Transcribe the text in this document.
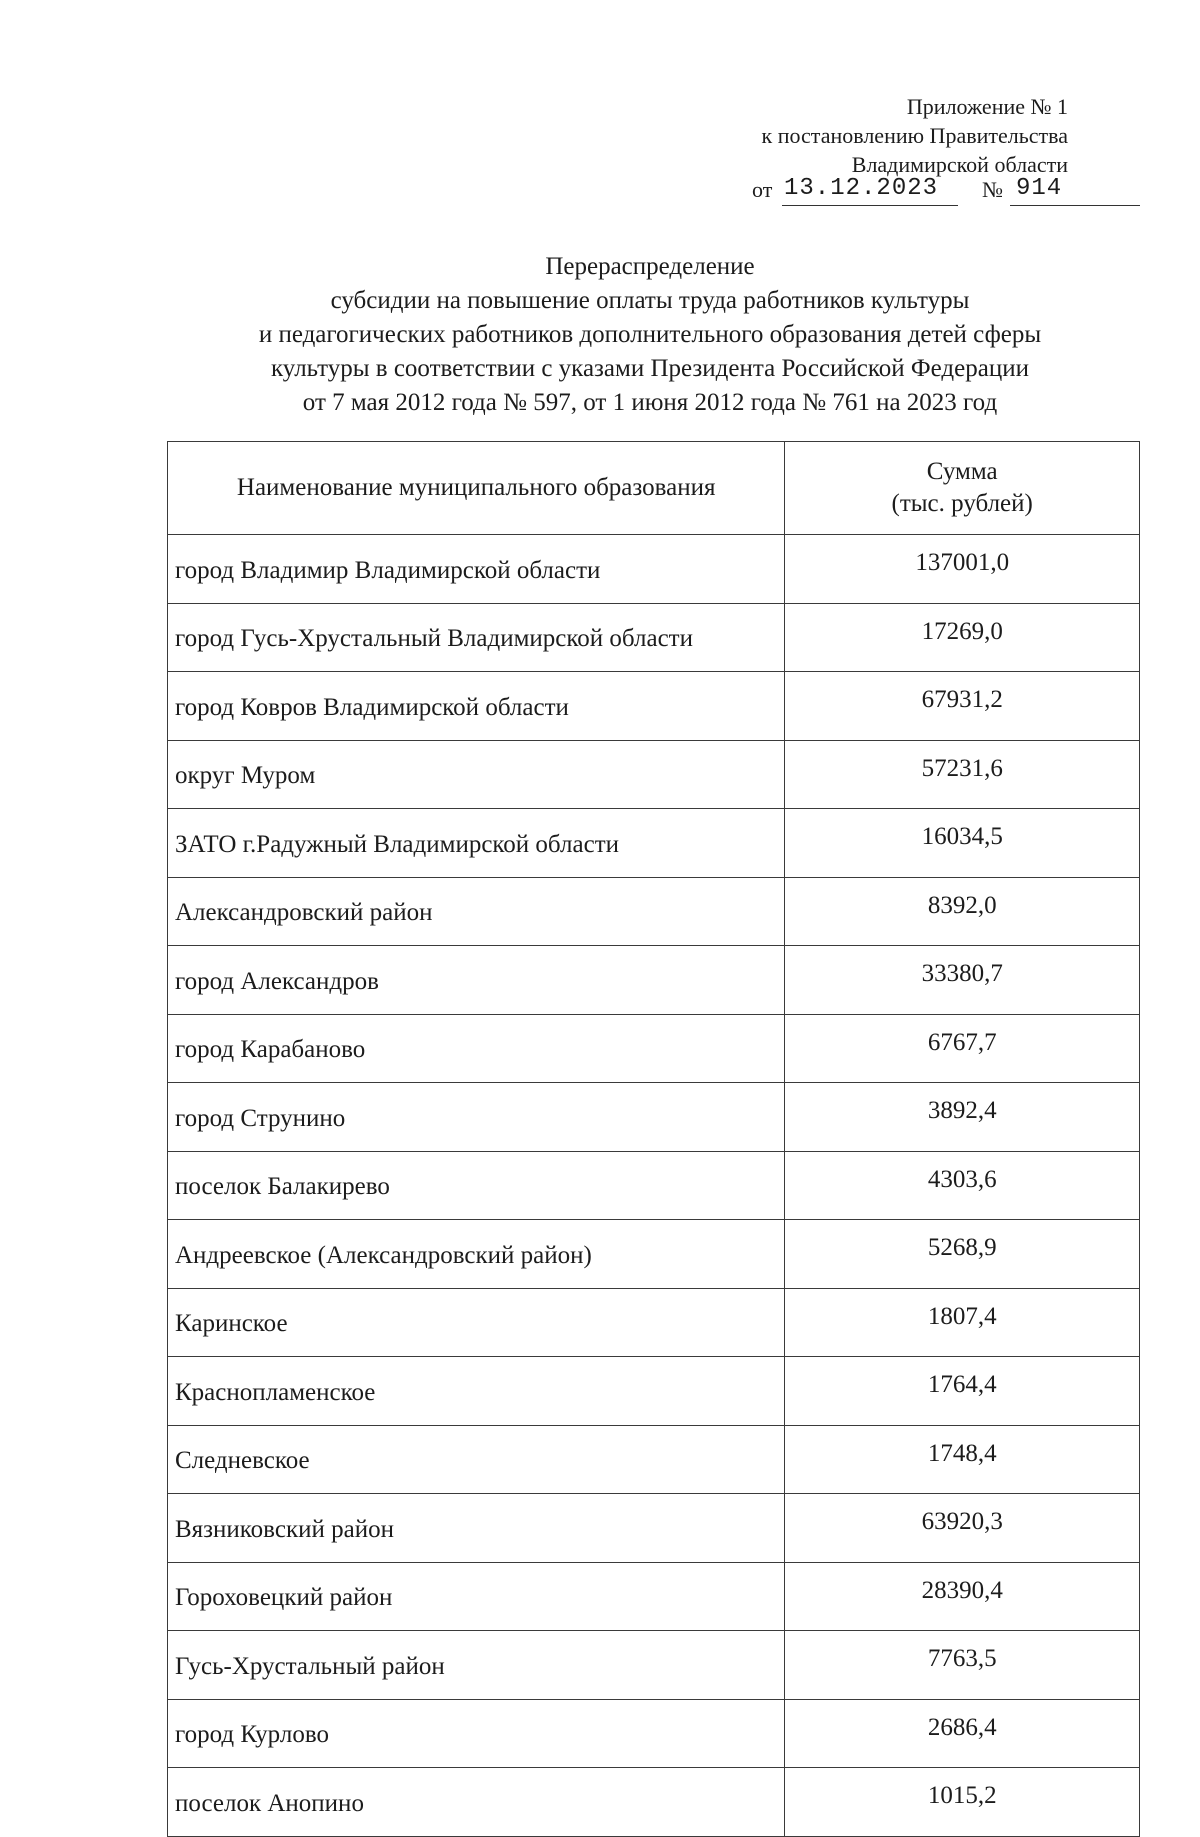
Приложение № 1
к постановлению Правительства
Владимирской области
от 13.12.2023 № 914
Перераспределение
субсидии на повышение оплаты труда работников культуры
и педагогических работников дополнительного образования детей сферы
культуры в соответствии с указами Президента Российской Федерации
от 7 мая 2012 года № 597, от 1 июня 2012 года № 761 на 2023 год
Наименование муниципального образования	Сумма
(тыс. рублей)

город Владимир Владимирской области	137001,0
город Гусь-Хрустальный Владимирской области	17269,0
город Ковров Владимирской области	67931,2
округ Муром	57231,6
ЗАТО г.Радужный Владимирской области	16034,5
Александровский район	8392,0
город Александров	33380,7
город Карабаново	6767,7
город Струнино	3892,4
поселок Балакирево	4303,6
Андреевское (Александровский район)	5268,9
Каринское	1807,4
Краснопламенское	1764,4
Следневское	1748,4
Вязниковский район	63920,3
Гороховецкий район	28390,4
Гусь-Хрустальный район	7763,5
город Курлово	2686,4
поселок Анопино	1015,2
